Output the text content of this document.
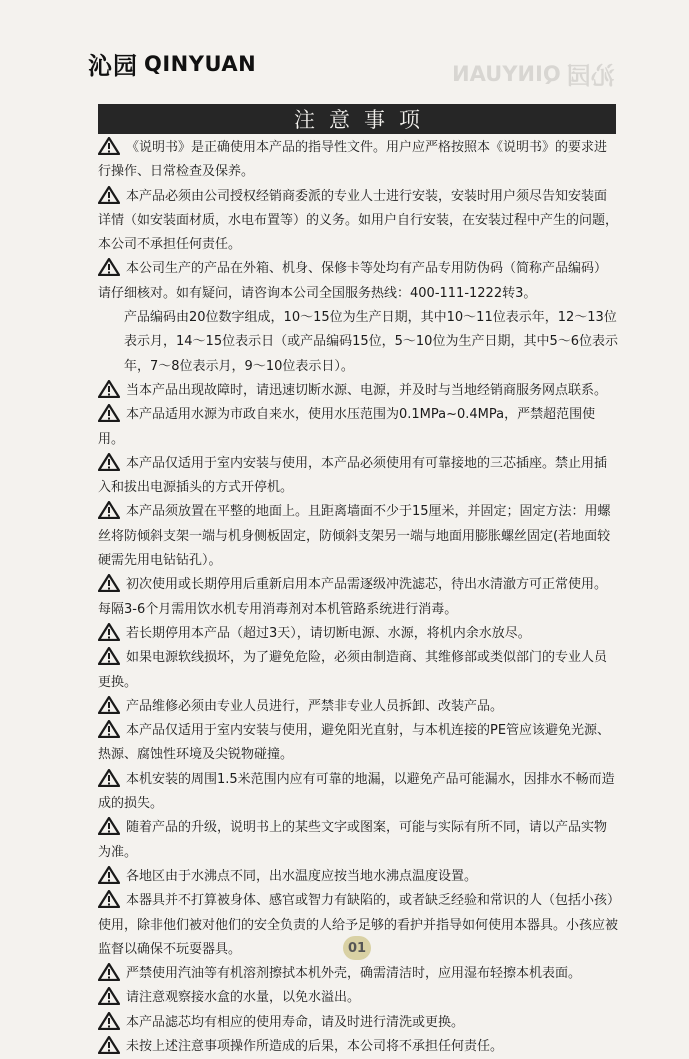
沁园 QINYUAN	沁园
QINYUAN
注意事项

《说明书》是正确使用本产品的指导性文件。用户应严格按照本《说明书》的要求进行操作、日常检查及保养。

本产品必须由公司授权经销商委派的专业人士进行安装，安装时用户须尽告知安装面详情（如安装面材质，水电布置等）的义务。如用户自行安装，在安装过程中产生的问题，本公司不承担任何责任。

本公司生产的产品在外箱、机身、保修卡等处均有产品专用防伪码（简称产品编码）请仔细核对。如有疑问，请咨询本公司全国服务热线：400-111-1222转3。

产品编码由20位数字组成，10～15位为生产日期，其中10～11位表示年，12～13位表示月，14～15位表示日（或产品编码15位，5～10位为生产日期，其中5～6位表示年，7～8位表示月，9～10位表示日）。

当本产品出现故障时，请迅速切断水源、电源，并及时与当地经销商服务网点联系。

本产品适用水源为市政自来水，使用水压范围为0.1MPa~0.4MPa，严禁超范围使用。

本产品仅适用于室内安装与使用，本产品必须使用有可靠接地的三芯插座。禁止用插入和拔出电源插头的方式开停机。

本产品须放置在平整的地面上。且距离墙面不少于15厘米，并固定；固定方法：用螺丝将防倾斜支架一端与机身侧板固定，防倾斜支架另一端与地面用膨胀螺丝固定(若地面较硬需先用电钻钻孔）。

初次使用或长期停用后重新启用本产品需逐级冲洗滤芯，待出水清澈方可正常使用。每隔3-6个月需用饮水机专用消毒剂对本机管路系统进行消毒。

若长期停用本产品（超过3天），请切断电源、水源，将机内余水放尽。

如果电源软线损坏，为了避免危险，必须由制造商、其维修部或类似部门的专业人员更换。

产品维修必须由专业人员进行，严禁非专业人员拆卸、改装产品。

本产品仅适用于室内安装与使用，避免阳光直射，与本机连接的PE管应该避免光源、热源、腐蚀性环境及尖锐物碰撞。

本机安装的周围1.5米范围内应有可靠的地漏，以避免产品可能漏水，因排水不畅而造成的损失。

随着产品的升级，说明书上的某些文字或图案，可能与实际有所不同，请以产品实物为准。

各地区由于水沸点不同，出水温度应按当地水沸点温度设置。

本器具并不打算被身体、感官或智力有缺陷的，或者缺乏经验和常识的人（包括小孩）使用，除非他们被对他们的安全负责的人给予足够的看护并指导如何使用本器具。小孩应被监督以确保不玩耍器具。

严禁使用汽油等有机溶剂擦拭本机外壳，确需清洁时，应用湿布轻擦本机表面。

请注意观察接水盒的水量，以免水溢出。

本产品滤芯均有相应的使用寿命，请及时进行清洗或更换。

未按上述注意事项操作所造成的后果，本公司将不承担任何责任。

01
